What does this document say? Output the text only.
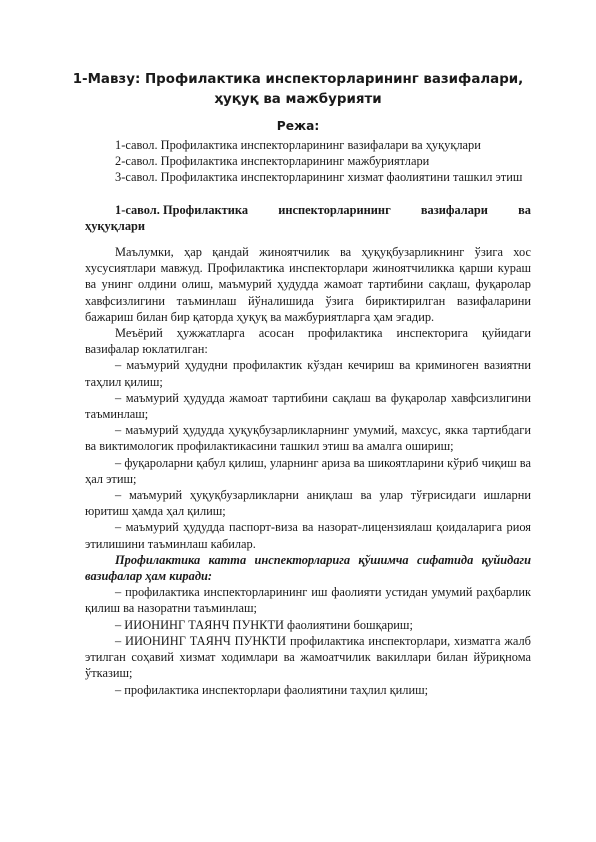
1-Мавзу: Профилактика инспекторларининг вазифалари,
ҳуқуқ ва мажбурияти
Режа:

1-савол. Профилактика инспекторларининг вазифалари ва ҳуқуқлари

2-савол. Профилактика инспекторларининг мажбуриятлари

3-савол. Профилактика инспекторларининг хизмат фаолиятини ташкил этиш

1-савол. Профилактика инспекторларининг вазифалари ва
ҳуқуқлари

Маълумки, ҳар қандай жиноятчилик ва ҳуқуқбузарликнинг ўзига хос хусусиятлари мавжуд. Профилактика инспекторлари жиноятчиликка қарши кураш ва унинг олдини олиш, маъмурий ҳудудда жамоат тартибини сақлаш, фуқаролар хавфсизлигини таъминлаш йўналишида ўзига бириктирилган вазифаларини бажариш билан бир қаторда ҳуқуқ ва мажбуриятларга ҳам эгадир.

Меъёрий ҳужжатларга асосан профилактика инспекторига қуйидаги вазифалар юклатилган:

– маъмурий ҳудудни профилактик кўздан кечириш ва криминоген вазиятни таҳлил қилиш;

– маъмурий ҳудудда жамоат тартибини сақлаш ва фуқаролар хавфсизлигини таъминлаш;

– маъмурий ҳудудда ҳуқуқбузарликларнинг умумий, махсус, якка тартибдаги ва виктимологик профилактикасини ташкил этиш ва амалга ошириш;

– фуқароларни қабул қилиш, уларнинг ариза ва шикоятларини кўриб чиқиш ва ҳал этиш;

– маъмурий ҳуқуқбузарликларни аниқлаш ва улар тўғрисидаги ишларни юритиш ҳамда ҳал қилиш;

– маъмурий ҳудудда паспорт-виза ва назорат-лицензиялаш қоидаларига риоя этилишини таъминлаш кабилар.

Профилактика катта инспекторларига қўшимча сифатида қуйидаги вазифалар ҳам киради:

– профилактика инспекторларининг иш фаолияти устидан умумий раҳбарлик қилиш ва назоратни таъминлаш;

– ИИОНИНГ ТАЯНЧ ПУНКТИ фаолиятини бошқариш;

– ИИОНИНГ ТАЯНЧ ПУНКТИ профилактика инспекторлари, хизматга жалб этилган соҳавий хизмат ходимлари ва жамоатчилик вакиллари билан йўриқнома ўтказиш;

– профилактика инспекторлари фаолиятини таҳлил қилиш;
